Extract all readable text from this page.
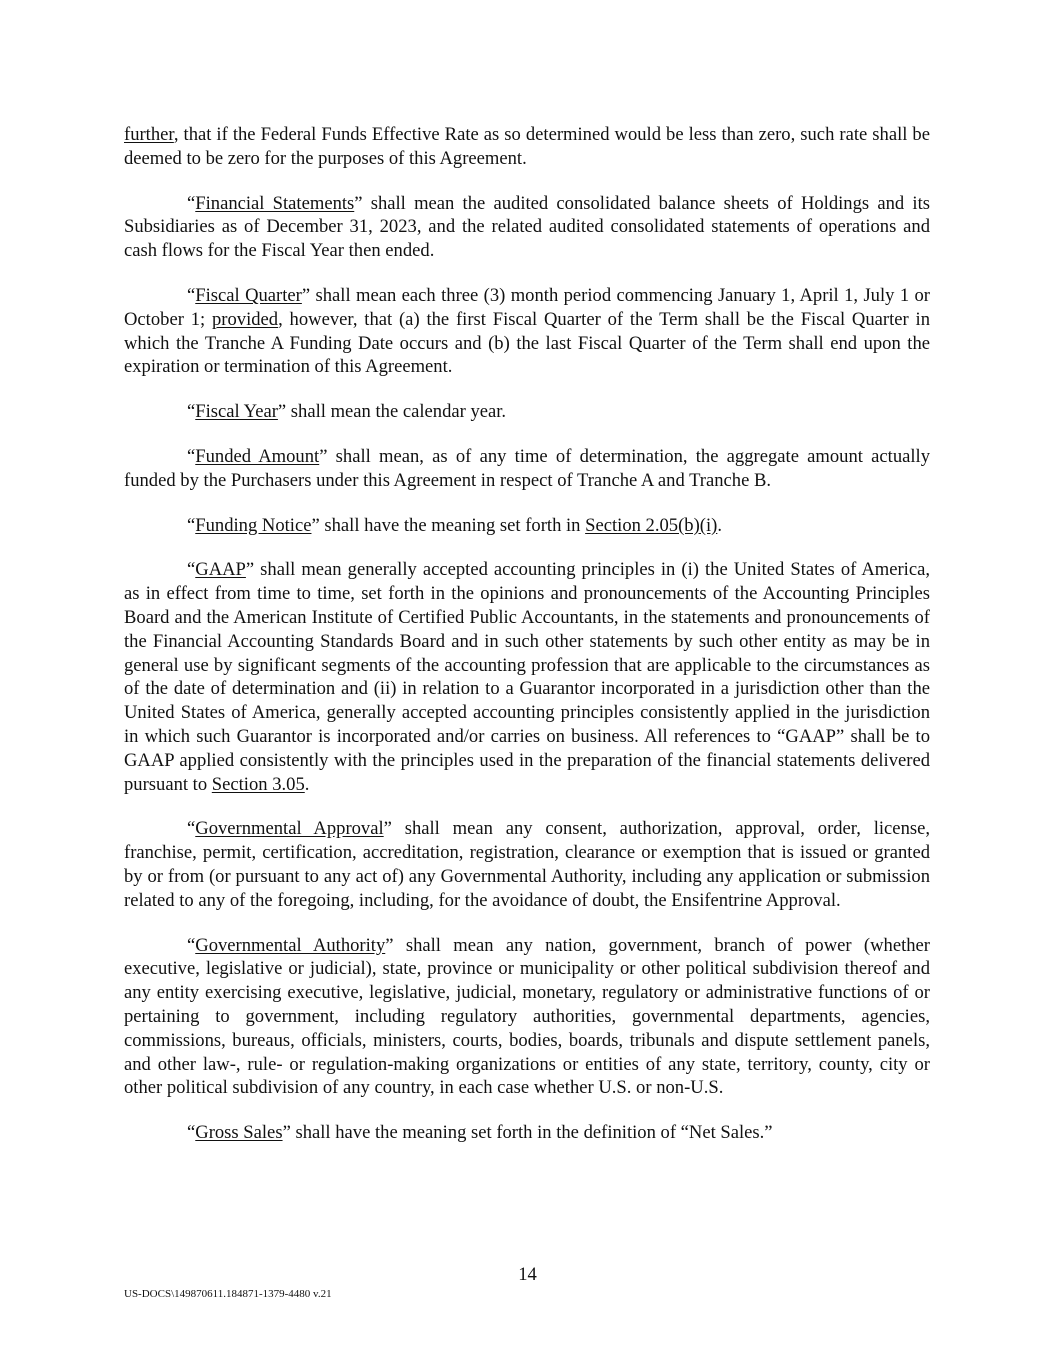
further, that if the Federal Funds Effective Rate as so determined would be less than zero, such rate shall be deemed to be zero for the purposes of this Agreement.

“Financial Statements” shall mean the audited consolidated balance sheets of Holdings and its Subsidiaries as of December 31, 2023, and the related audited consolidated statements of operations and cash flows for the Fiscal Year then ended.

“Fiscal Quarter” shall mean each three (3) month period commencing January 1, April 1, July 1 or October 1; provided, however, that (a) the first Fiscal Quarter of the Term shall be the Fiscal Quarter in which the Tranche A Funding Date occurs and (b) the last Fiscal Quarter of the Term shall end upon the expiration or termination of this Agreement.

“Fiscal Year” shall mean the calendar year.

“Funded Amount” shall mean, as of any time of determination, the aggregate amount actually funded by the Purchasers under this Agreement in respect of Tranche A and Tranche B.

“Funding Notice” shall have the meaning set forth in Section 2.05(b)(i).

“GAAP” shall mean generally accepted accounting principles in (i) the United States of America, as in effect from time to time, set forth in the opinions and pronouncements of the Accounting Principles Board and the American Institute of Certified Public Accountants, in the statements and pronouncements of the Financial Accounting Standards Board and in such other statements by such other entity as may be in general use by significant segments of the accounting profession that are applicable to the circumstances as of the date of determination and (ii) in relation to a Guarantor incorporated in a jurisdiction other than the United States of America, generally accepted accounting principles consistently applied in the jurisdiction in which such Guarantor is incorporated and/or carries on business. All references to “GAAP” shall be to GAAP applied consistently with the principles used in the preparation of the financial statements delivered pursuant to Section 3.05.

“Governmental Approval” shall mean any consent, authorization, approval, order, license, franchise, permit, certification, accreditation, registration, clearance or exemption that is issued or granted by or from (or pursuant to any act of) any Governmental Authority, including any application or submission related to any of the foregoing, including, for the avoidance of doubt, the Ensifentrine Approval.

“Governmental Authority” shall mean any nation, government, branch of power (whether executive, legislative or judicial), state, province or municipality or other political subdivision thereof and any entity exercising executive, legislative, judicial, monetary, regulatory or administrative functions of or pertaining to government, including regulatory authorities, governmental departments, agencies, commissions, bureaus, officials, ministers, courts, bodies, boards, tribunals and dispute settlement panels, and other law-, rule- or regulation-making organizations or entities of any state, territory, county, city or other political subdivision of any country, in each case whether U.S. or non-U.S.

“Gross Sales” shall have the meaning set forth in the definition of “Net Sales.”

14
US-DOCS\149870611.184871-1379-4480 v.21
